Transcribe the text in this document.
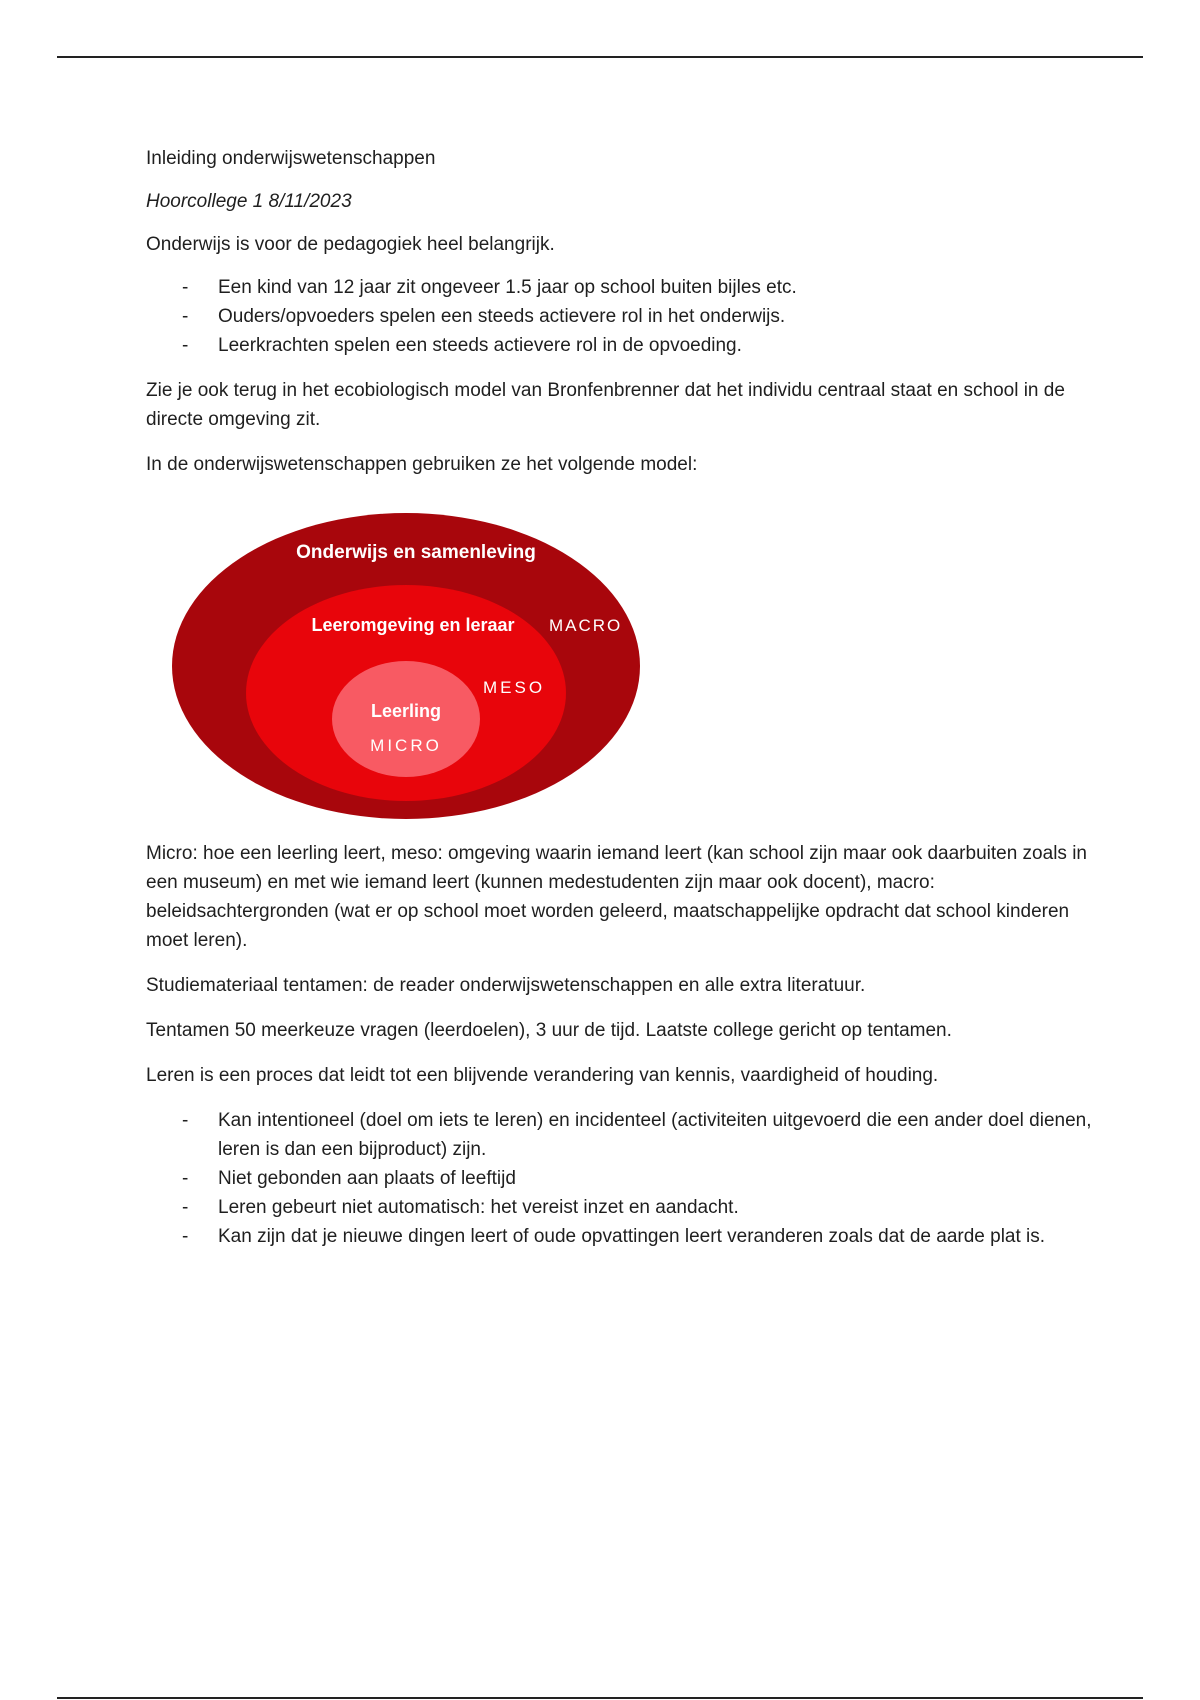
Inleiding onderwijswetenschappen

Hoorcollege 1 8/11/2023

Onderwijs is voor de pedagogiek heel belangrijk.

- Een kind van 12 jaar zit ongeveer 1.5 jaar op school buiten bijles etc.
- Ouders/opvoeders spelen een steeds actievere rol in het onderwijs.
- Leerkrachten spelen een steeds actievere rol in de opvoeding.

Zie je ook terug in het ecobiologisch model van Bronfenbrenner dat het individu centraal staat en school in de directe omgeving zit.

In de onderwijswetenschappen gebruiken ze het volgende model:

Onderwijs en samenleving
MACRO
Leeromgeving en leraar
MESO
Leerling
MICRO

Micro: hoe een leerling leert, meso: omgeving waarin iemand leert (kan school zijn maar ook daarbuiten zoals in een museum) en met wie iemand leert (kunnen medestudenten zijn maar ook docent), macro: beleidsachtergronden (wat er op school moet worden geleerd, maatschappelijke opdracht dat school kinderen moet leren).

Studiemateriaal tentamen: de reader onderwijswetenschappen en alle extra literatuur.

Tentamen 50 meerkeuze vragen (leerdoelen), 3 uur de tijd. Laatste college gericht op tentamen.

Leren is een proces dat leidt tot een blijvende verandering van kennis, vaardigheid of houding.

- Kan intentioneel (doel om iets te leren) en incidenteel (activiteiten uitgevoerd die een ander doel dienen, leren is dan een bijproduct) zijn.
- Niet gebonden aan plaats of leeftijd
- Leren gebeurt niet automatisch: het vereist inzet en aandacht.
- Kan zijn dat je nieuwe dingen leert of oude opvattingen leert veranderen zoals dat de aarde plat is.
